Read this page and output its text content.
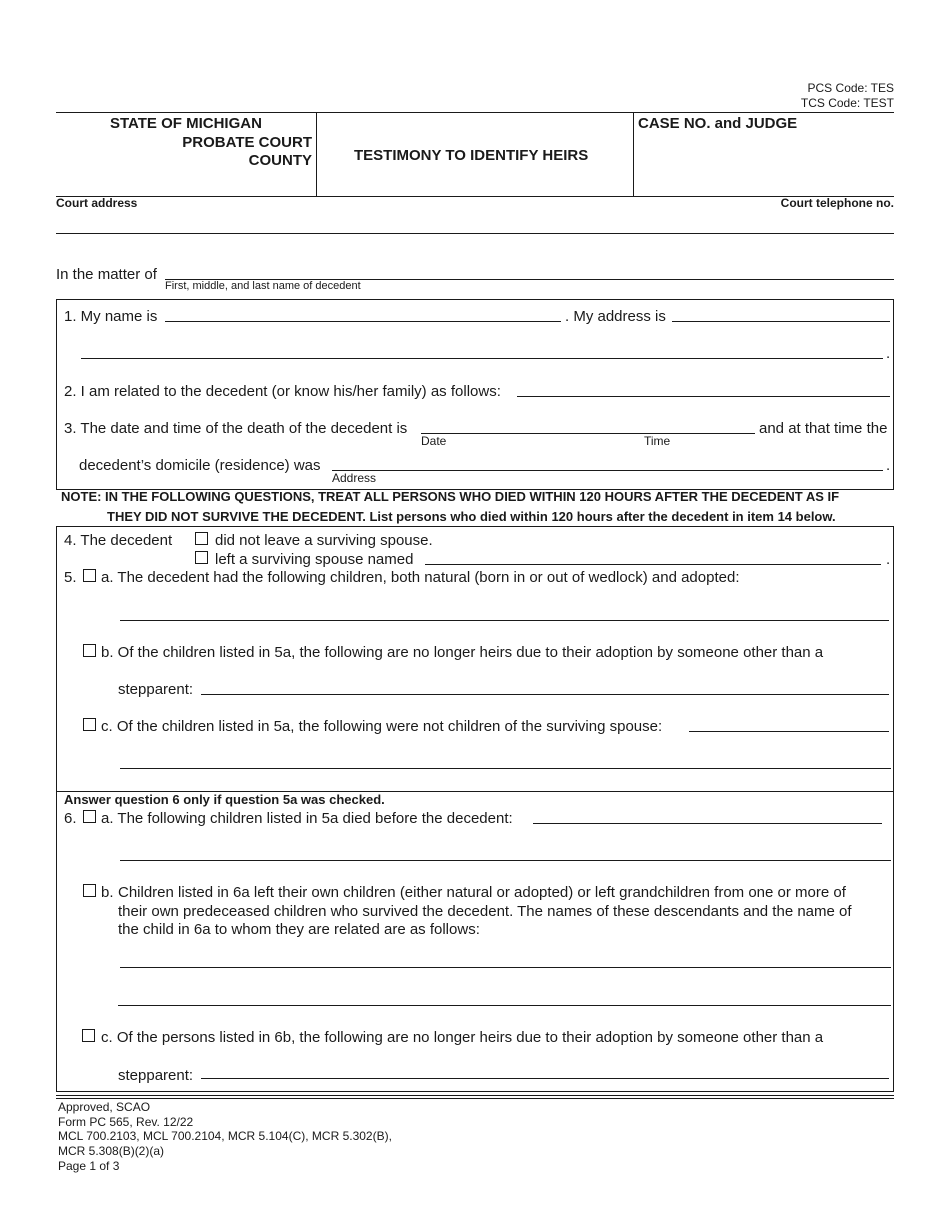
PCS Code: TES
TCS Code: TEST
STATE OF MICHIGAN
PROBATE COURT
COUNTY	TESTIMONY TO IDENTIFY HEIRS
CASE NO. and JUDGE
Court address	Court telephone no.
In the matter of
First, middle, and last name of decedent
1. My name is	. My address is
.
2. I am related to the decedent (or know his/her family) as follows:
3. The date and time of the death of the decedent is
Date	Time
and at that time the
decedent’s domicile (residence) was
Address
.
NOTE: IN THE FOLLOWING QUESTIONS, TREAT ALL PERSONS WHO DIED WITHIN 120 HOURS AFTER THE DECEDENT AS IF
THEY DID NOT SURVIVE THE DECEDENT. List persons who died within 120 hours after the decedent in item 14 below.
4. The decedent	did not leave a surviving spouse.
left a surviving spouse named	.
5. a. The decedent had the following children, both natural (born in or out of wedlock) and adopted:
b. Of the children listed in 5a, the following are no longer heirs due to their adoption by someone other than a
stepparent:
c. Of the children listed in 5a, the following were not children of the surviving spouse:
Answer question 6 only if question 5a was checked.
6. a. The following children listed in 5a died before the decedent:
b. Children listed in 6a left their own children (either natural or adopted) or left grandchildren from one or more of
their own predeceased children who survived the decedent. The names of these descendants and the name of
the child in 6a to whom they are related are as follows:
c. Of the persons listed in 6b, the following are no longer heirs due to their adoption by someone other than a
stepparent:
Approved, SCAO
Form PC 565, Rev. 12/22
MCL 700.2103, MCL 700.2104, MCR 5.104(C), MCR 5.302(B),
MCR 5.308(B)(2)(a)
Page 1 of 3
